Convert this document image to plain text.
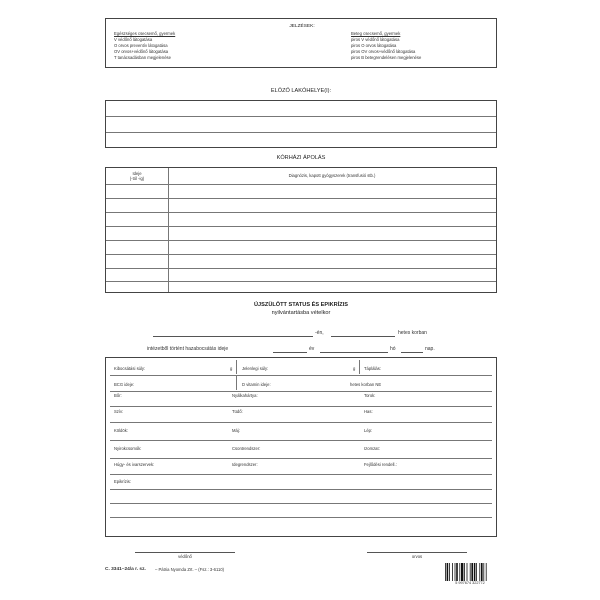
JELZÉSEK:
Egészséges csecsemő, gyermek
V védőnő látogatása
O orvos preventív látogatása
OV orvos+védőnő látogatása
T tanácsadásban megjelenése
Beteg csecsemő, gyermek
piros V védőnő látogatása
piros O orvos látogatása
piros OV orvos+védőnő látogatása
piros B betegrendelésen megjelenése
ELŐZŐ LAKÓHELYE(I):
KÓRHÁZI ÁPOLÁS
Ideje
(-tól -ig)
Diagnózis, kapott gyógyszerek (transfusió stb.)
ÚJSZÜLÖTT STATUS ÉS EPIKRÍZIS
nyilvántartásba vételkor
-én,	hetes korban
intézetből történt hazabocsátás ideje	év	hó	nap.
Kibocsátási súly:	g Jelenlegi súly:	g Táplálás:
BCG ideje:	D vitamin ideje:	hetes korban NE
Bőr:	Nyálkahártya:	Torok:
Szív:	Tüdő:	Has:
Köldök:	Máj:	Lép:
Nyirokcsomók:	Csontrendszer:	Izomzat:
Húgy- és ivarszervek:	Idegrendszer:	Fejlődési rendell.:
Epikrízis:
védőnő	orvos
C. 3341–24/a r. sz. – Pátria Nyomda Zrt. – (Fsz.: 3-6110)
5 997674 322772
